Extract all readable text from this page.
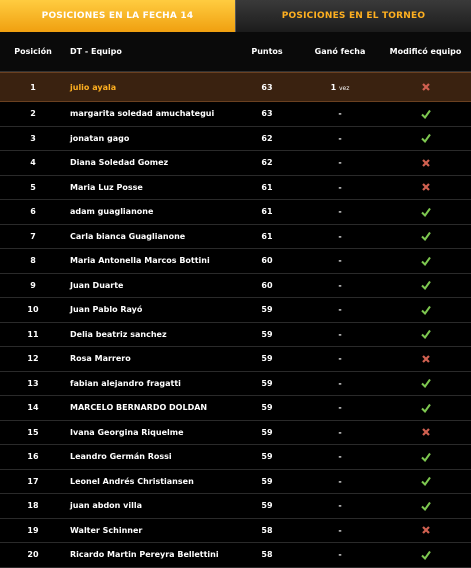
POSICIONES EN LA FECHA 14	POSICIONES EN EL TORNEO
Posición	DT - Equipo	Puntos	Ganó fecha	Modificó equipo
1	julio ayala	63	1 vez
2	margarita soledad amuchategui	63	-
3	jonatan gago	62	-
4	Diana Soledad Gomez	62	-
5	Maria Luz Posse	61	-
6	adam guaglianone	61	-
7	Carla bianca Guaglianone	61	-
8	Maria Antonella Marcos Bottini	60	-
9	Juan Duarte	60	-
10	Juan Pablo Rayó	59	-
11	Delia beatriz sanchez	59	-
12	Rosa Marrero	59	-
13	fabian alejandro fragatti	59	-
14	MARCELO BERNARDO DOLDAN	59	-
15	Ivana Georgina Riquelme	59	-
16	Leandro Germán Rossi	59	-
17	Leonel Andrés Christiansen	59	-
18	juan abdon villa	59	-
19	Walter Schinner	58	-
20	Ricardo Martin Pereyra Bellettini	58	-
